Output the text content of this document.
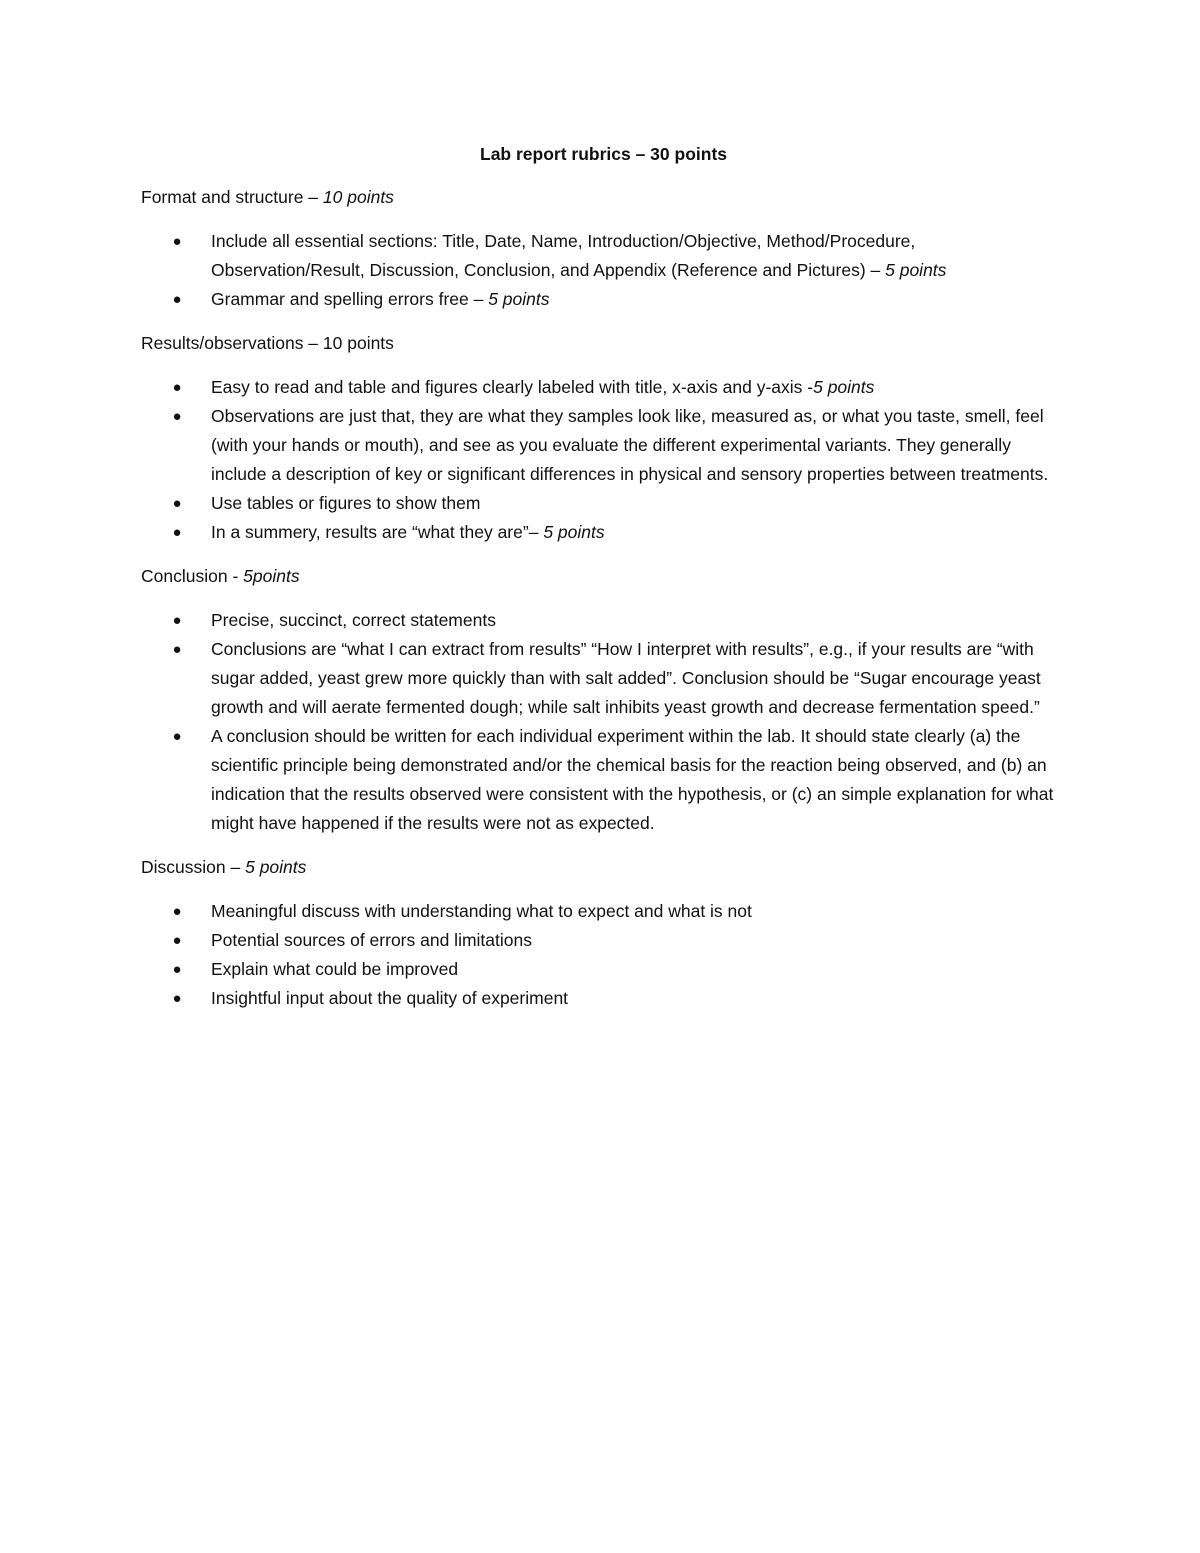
Lab report rubrics – 30 points
Format and structure – 10 points
● Include all essential sections: Title, Date, Name, Introduction/Objective, Method/Procedure, Observation/Result, Discussion, Conclusion, and Appendix (Reference and Pictures) – 5 points
● Grammar and spelling errors free – 5 points
Results/observations – 10 points
● Easy to read and table and figures clearly labeled with title, x-axis and y-axis -5 points
● Observations are just that, they are what they samples look like, measured as, or what you taste, smell, feel (with your hands or mouth), and see as you evaluate the different experimental variants. They generally include a description of key or significant differences in physical and sensory properties between treatments.
● Use tables or figures to show them
● In a summery, results are “what they are”– 5 points
Conclusion - 5points
● Precise, succinct, correct statements
● Conclusions are “what I can extract from results” “How I interpret with results”, e.g., if your results are “with sugar added, yeast grew more quickly than with salt added”. Conclusion should be “Sugar encourage yeast growth and will aerate fermented dough; while salt inhibits yeast growth and decrease fermentation speed.”
● A conclusion should be written for each individual experiment within the lab. It should state clearly (a) the scientific principle being demonstrated and/or the chemical basis for the reaction being observed, and (b) an indication that the results observed were consistent with the hypothesis, or (c) an simple explanation for what might have happened if the results were not as expected.
Discussion – 5 points
● Meaningful discuss with understanding what to expect and what is not
● Potential sources of errors and limitations
● Explain what could be improved
● Insightful input about the quality of experiment
